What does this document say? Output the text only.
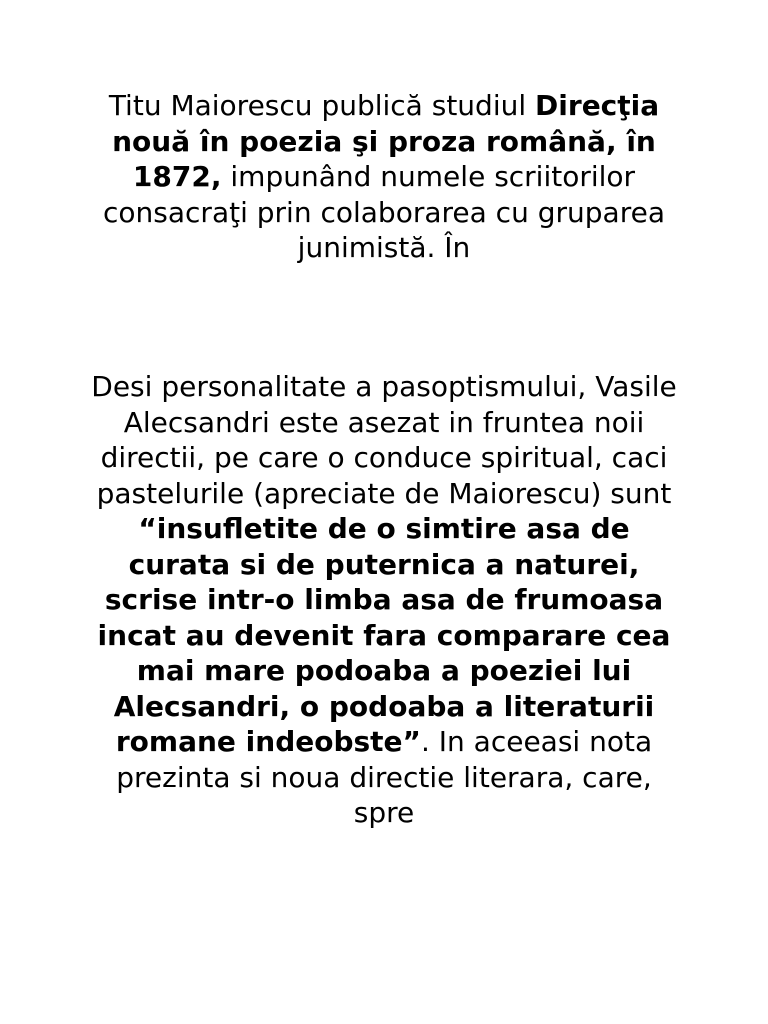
Titu Maiorescu publică studiul Direcţia nouă în poezia şi proza română, în 1872, impunând numele scriitorilor consacraţi prin colaborarea cu gruparea junimistă. În

Desi personalitate a pasoptismului, Vasile Alecsandri este asezat in fruntea noii directii, pe care o conduce spiritual, caci pastelurile (apreciate de Maiorescu) sunt “insufletite de o simtire asa de curata si de puternica a naturei, scrise intr-o limba asa de frumoasa incat au devenit fara comparare cea mai mare podoaba a poeziei lui Alecsandri, o podoaba a literaturii romane indeobste”. In aceeasi nota prezinta si noua directie literara, care, spre
